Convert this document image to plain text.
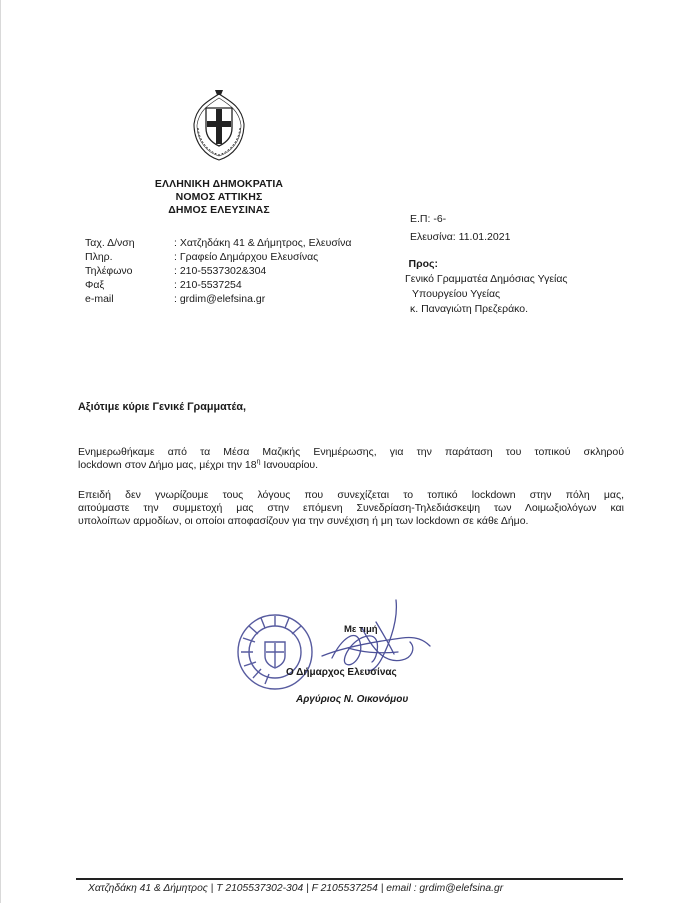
ΕΛΛΗΝΙΚΗ ΔΗΜΟΚΡΑΤΙΑ
ΝΟΜΟΣ ΑΤΤΙΚΗΣ
ΔΗΜΟΣ ΕΛΕΥΣΙΝΑΣ
Ε.Π: -6-
Ελευσίνα: 11.01.2021
Ταχ. Δ/νση	: Χατζηδάκη 41 & Δήμητρος, Ελευσίνα
Πληρ.	: Γραφείο Δημάρχου Ελευσίνας
Τηλέφωνο	: 210-5537302&304
Φαξ	: 210-5537254
e-mail	: grdim@elefsina.gr
Προς:
Γενικό Γραμματέα Δημόσιας Υγείας
Υπουργείου Υγείας
κ. Παναγιώτη Πρεζεράκο.
Αξιότιμε κύριε Γενικέ Γραμματέα,
Ενημερωθήκαμε από τα Μέσα Μαζικής Ενημέρωσης, για την παράταση του τοπικού σκληρού
lockdown στον Δήμο μας, μέχρι την $18^\eta$ Ιανουαρίου.
Επειδή δεν γνωρίζουμε τους λόγους που συνεχίζεται το τοπικό lockdown στην πόλη μας,
αιτούμαστε την συμμετοχή μας στην επόμενη Συνεδρίαση-Τηλεδιάσκεψη των Λοιμωξιολόγων και
υπολοίπων αρμοδίων, οι οποίοι αποφασίζουν για την συνέχιση ή μη των lockdown σε κάθε Δήμο.
Με τιμή
Ο Δήμαρχος Ελευσίνας
Αργύριος Ν. Οικονόμου
Χατζηδάκη 41 & Δήμητρος | Τ 2105537302-304 | F 2105537254 | email : grdim@elefsina.gr
